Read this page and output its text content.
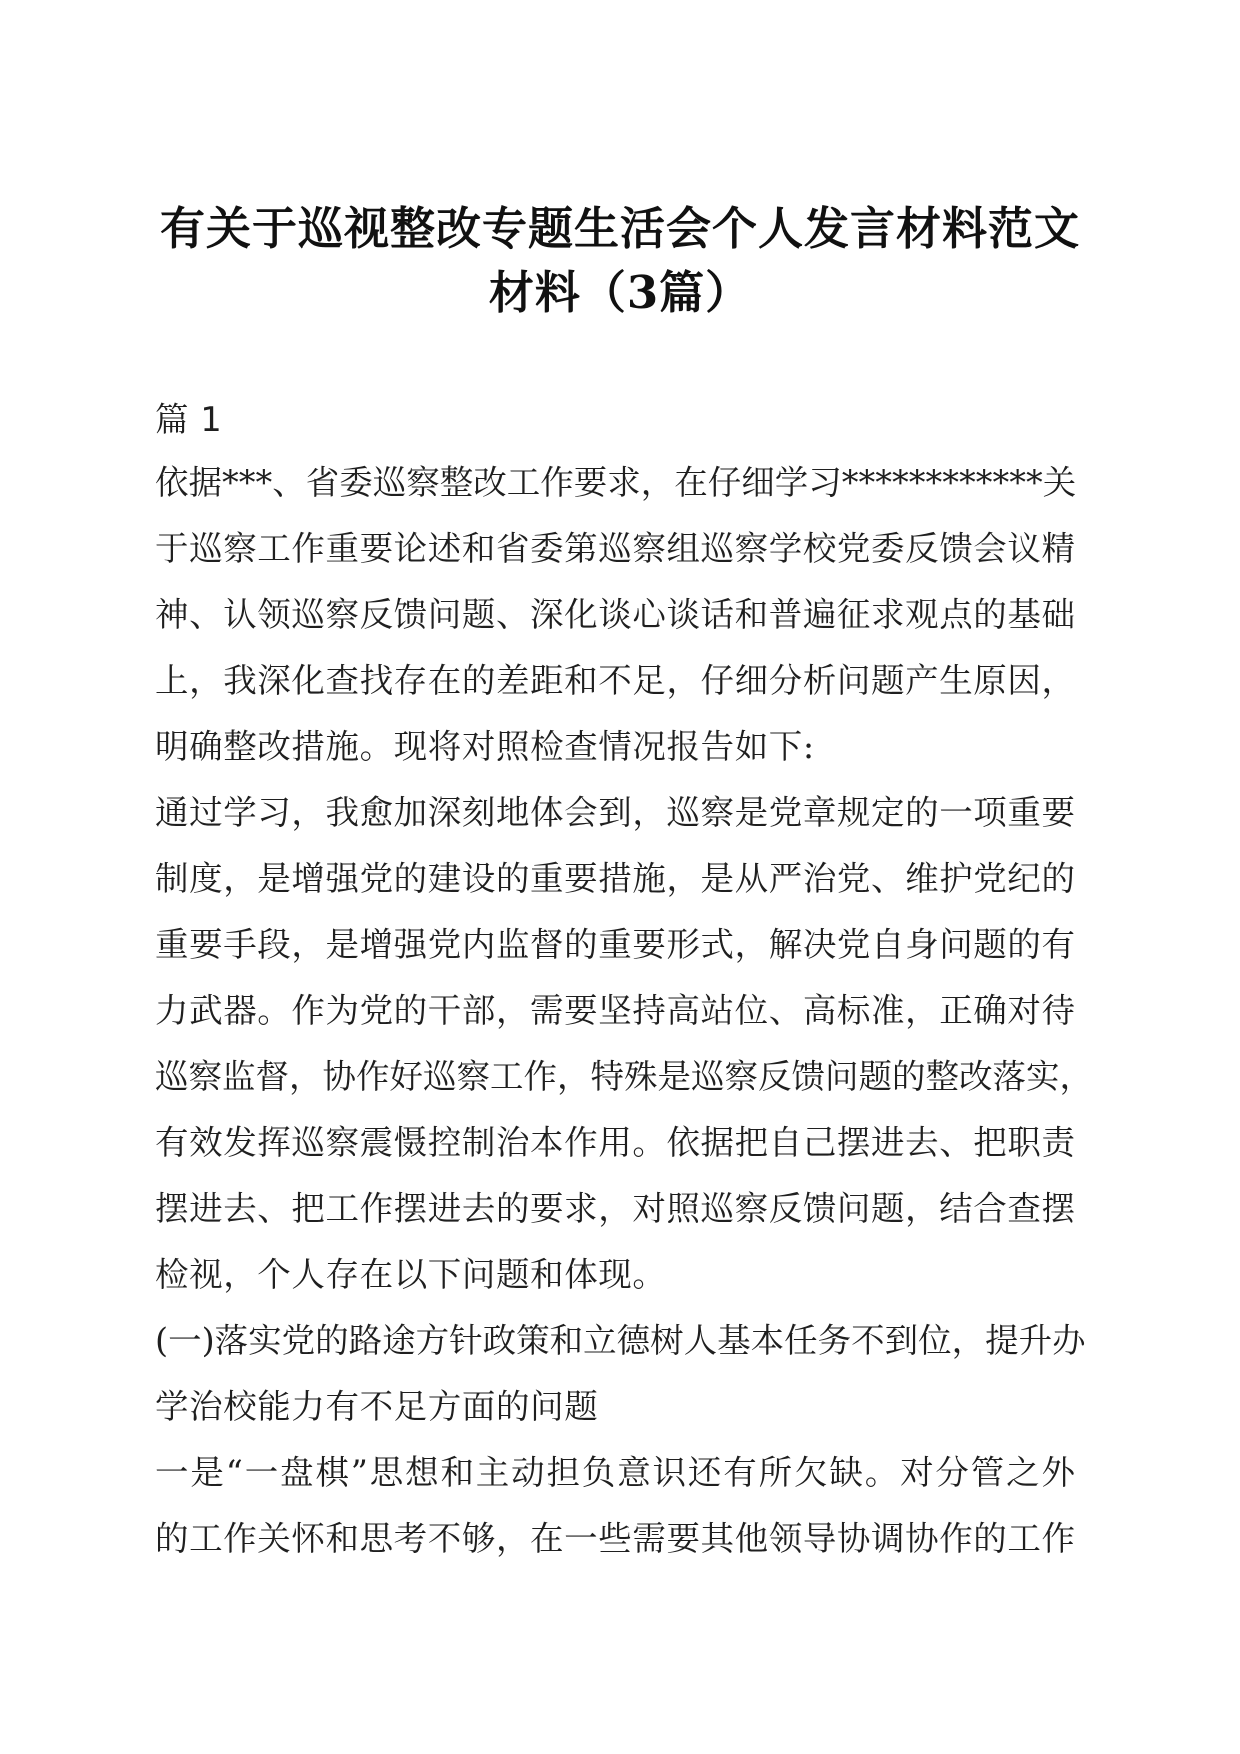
有关于巡视整改专题生活会个人发言材料范文
材料（3篇）

篇 1

依据***、省委巡察整改工作要求，在仔细学习************关

于巡察工作重要论述和省委第巡察组巡察学校党委反馈会议精

神、认领巡察反馈问题、深化谈心谈话和普遍征求观点的基础

上，我深化查找存在的差距和不足，仔细分析问题产生原因，

明确整改措施。现将对照检查情况报告如下:

通过学习，我愈加深刻地体会到，巡察是党章规定的一项重要

制度，是增强党的建设的重要措施，是从严治党、维护党纪的

重要手段，是增强党内监督的重要形式，解决党自身问题的有

力武器。作为党的干部，需要坚持高站位、高标准，正确对待

巡察监督，协作好巡察工作，特殊是巡察反馈问题的整改落实，

有效发挥巡察震慑控制治本作用。依据把自己摆进去、把职责

摆进去、把工作摆进去的要求，对照巡察反馈问题，结合查摆

检视，个人存在以下问题和体现。

(一)落实党的路途方针政策和立德树人基本任务不到位，提升办

学治校能力有不足方面的问题

一是“一盘棋”思想和主动担负意识还有所欠缺。对分管之外

的工作关怀和思考不够，在一些需要其他领导协调协作的工作
